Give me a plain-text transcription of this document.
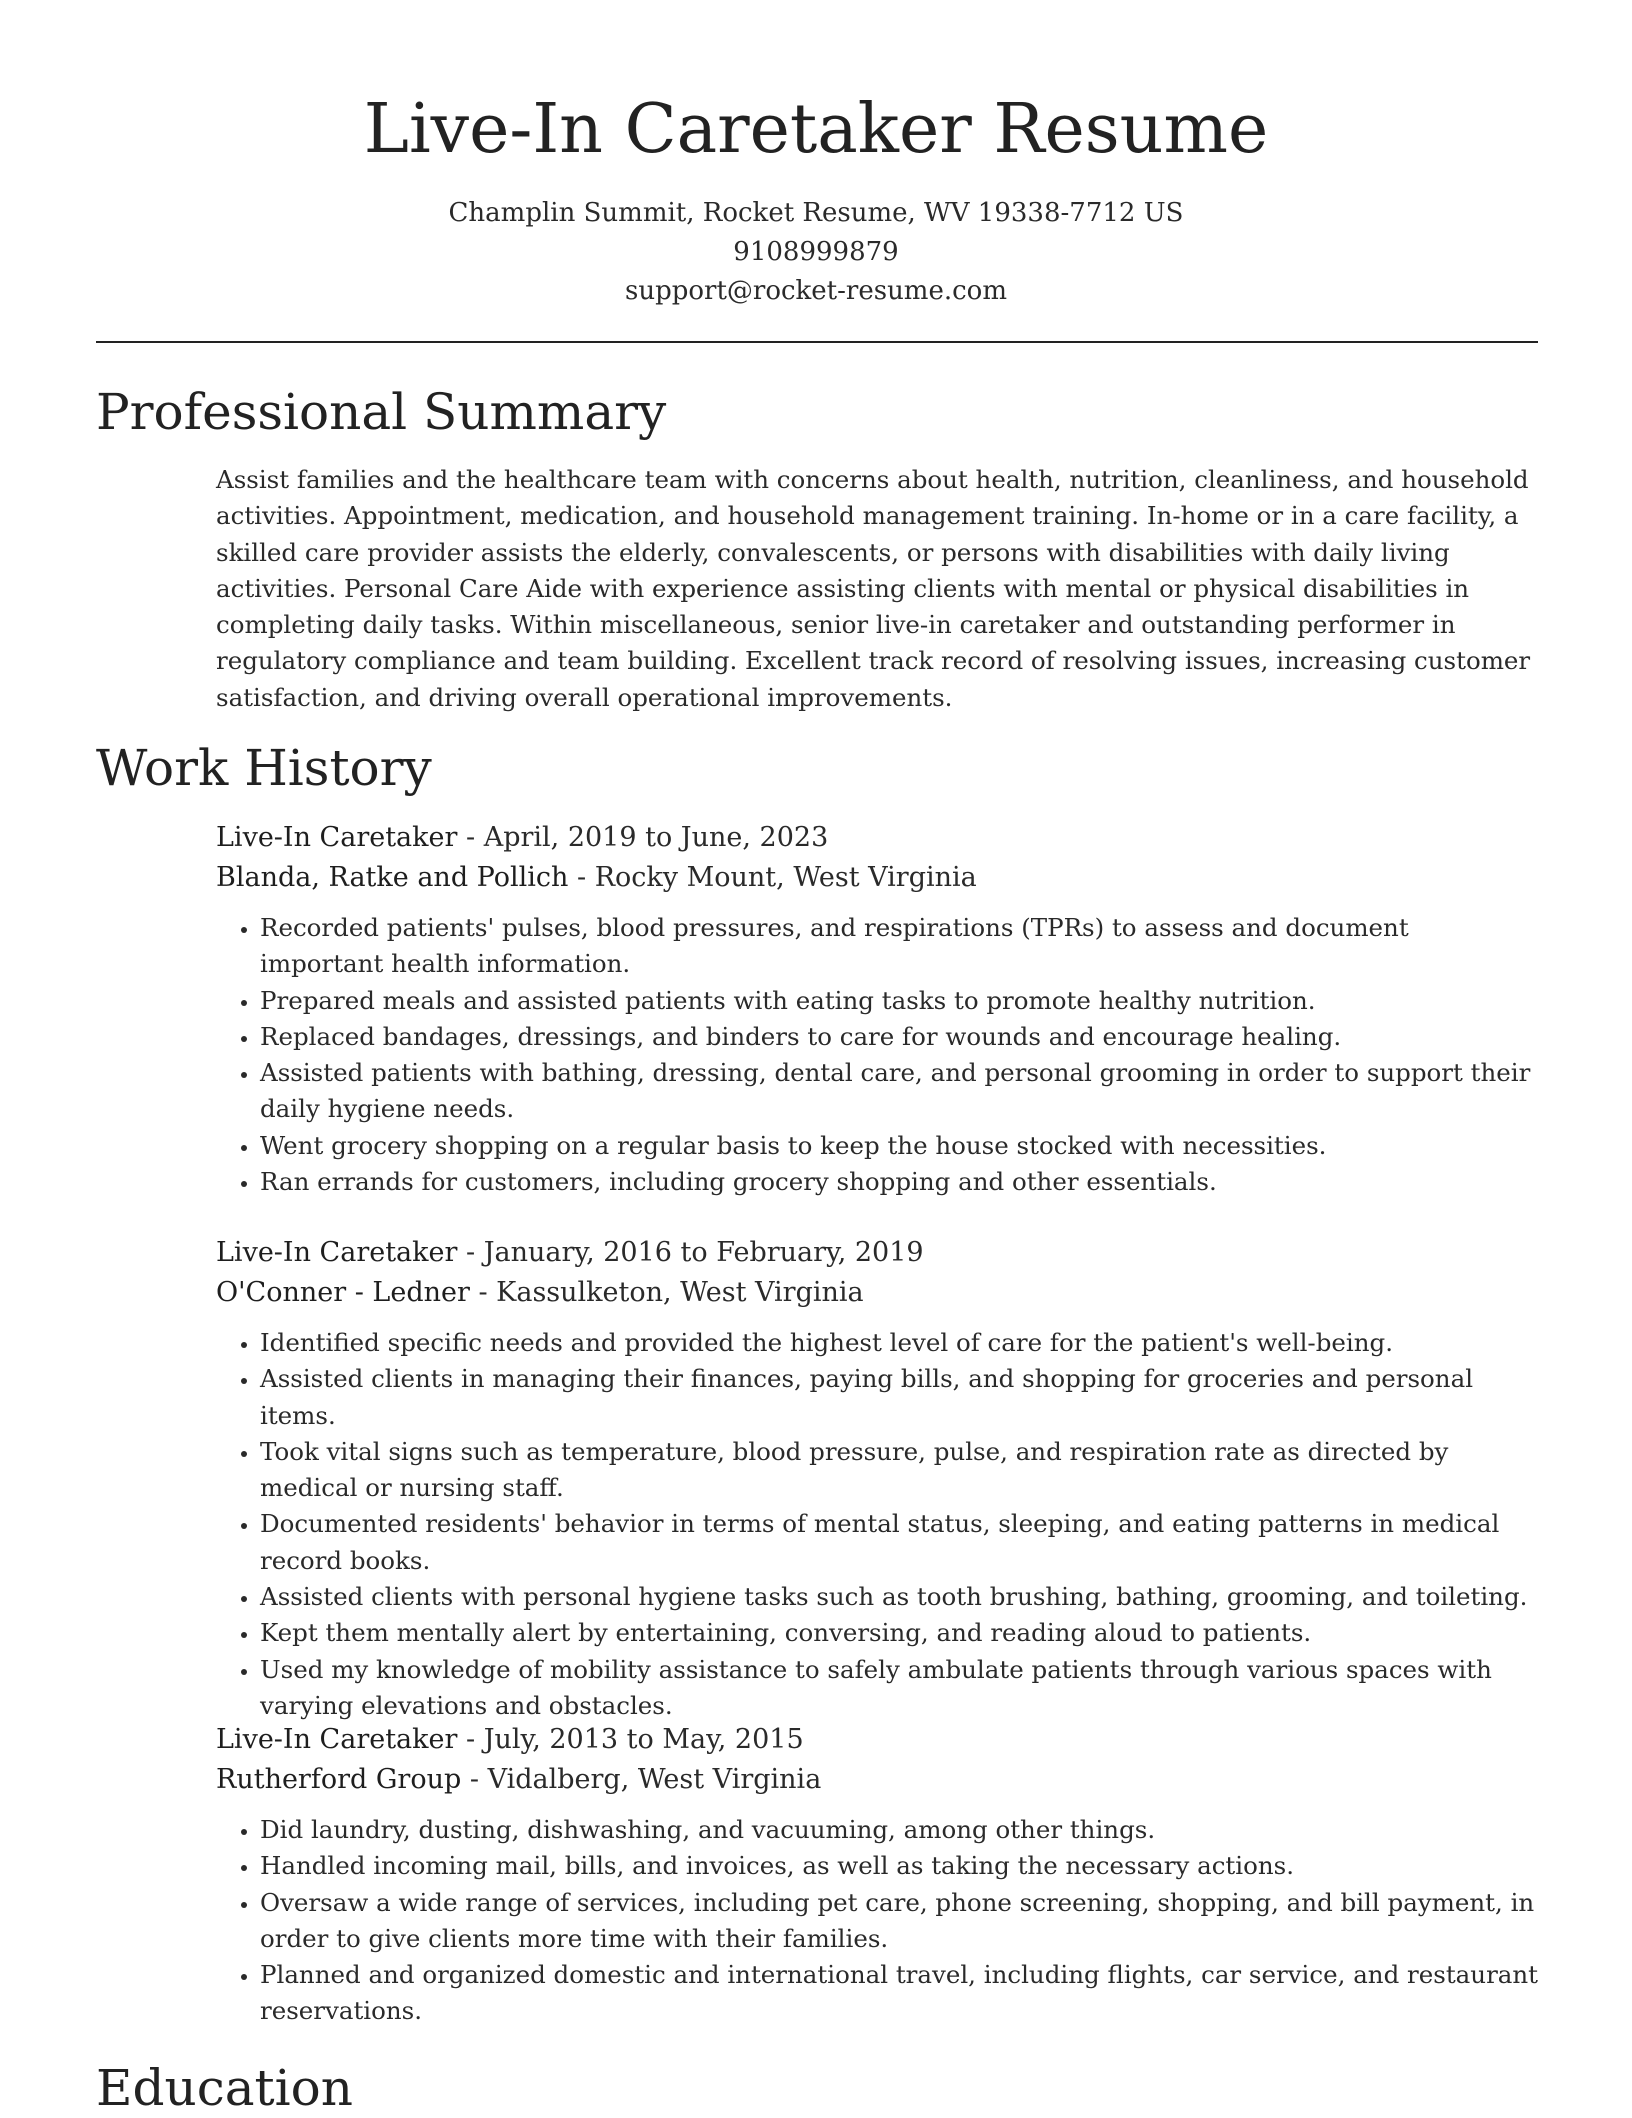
Live-In Caretaker Resume
Champlin Summit, Rocket Resume, WV 19338-7712 US
9108999879
support@rocket-resume.com
Professional Summary

Assist families and the healthcare team with concerns about health, nutrition, cleanliness, and household activities. Appointment, medication, and household management training. In-home or in a care facility, a skilled care provider assists the elderly, convalescents, or persons with disabilities with daily living activities. Personal Care Aide with experience assisting clients with mental or physical disabilities in completing daily tasks. Within miscellaneous, senior live-in caretaker and outstanding performer in regulatory compliance and team building. Excellent track record of resolving issues, increasing customer satisfaction, and driving overall operational improvements.

Work History
Live-In Caretaker - April, 2019 to June, 2023
Blanda, Ratke and Pollich - Rocky Mount, West Virginia
• Recorded patients' pulses, blood pressures, and respirations (TPRs) to assess and document important health information.
• Prepared meals and assisted patients with eating tasks to promote healthy nutrition.
• Replaced bandages, dressings, and binders to care for wounds and encourage healing.
• Assisted patients with bathing, dressing, dental care, and personal grooming in order to support their daily hygiene needs.
• Went grocery shopping on a regular basis to keep the house stocked with necessities.
• Ran errands for customers, including grocery shopping and other essentials.
Live-In Caretaker - January, 2016 to February, 2019
O'Conner - Ledner - Kassulketon, West Virginia
• Identified specific needs and provided the highest level of care for the patient's well-being.
• Assisted clients in managing their finances, paying bills, and shopping for groceries and personal items.
• Took vital signs such as temperature, blood pressure, pulse, and respiration rate as directed by medical or nursing staff.
• Documented residents' behavior in terms of mental status, sleeping, and eating patterns in medical record books.
• Assisted clients with personal hygiene tasks such as tooth brushing, bathing, grooming, and toileting.
• Kept them mentally alert by entertaining, conversing, and reading aloud to patients.
• Used my knowledge of mobility assistance to safely ambulate patients through various spaces with varying elevations and obstacles.
Live-In Caretaker - July, 2013 to May, 2015
Rutherford Group - Vidalberg, West Virginia
• Did laundry, dusting, dishwashing, and vacuuming, among other things.
• Handled incoming mail, bills, and invoices, as well as taking the necessary actions.
• Oversaw a wide range of services, including pet care, phone screening, shopping, and bill payment, in order to give clients more time with their families.
• Planned and organized domestic and international travel, including flights, car service, and restaurant reservations.
Education
